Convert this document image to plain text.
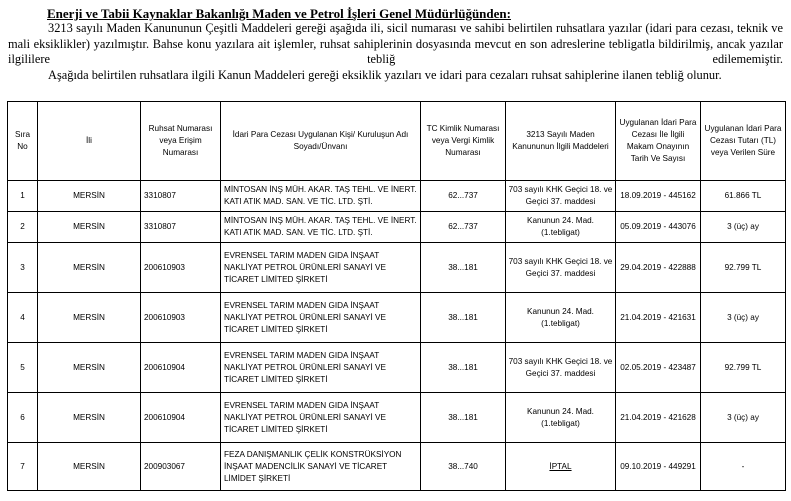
Enerji ve Tabii Kaynaklar Bakanlığı Maden ve Petrol İşleri Genel Müdürlüğünden:

3213 sayılı Maden Kanununun Çeşitli Maddeleri gereği aşağıda ili, sicil numarası ve sahibi belirtilen ruhsatlara yazılar (idari para cezası, teknik ve mali eksiklikler) yazılmıştır. Bahse konu yazılara ait işlemler, ruhsat sahiplerinin dosyasında mevcut en son adreslerine tebligatla bildirilmiş, ancak yazılar ilgililere tebliğ edilememiştir.

Aşağıda belirtilen ruhsatlara ilgili Kanun Maddeleri gereği eksiklik yazıları ve idari para cezaları ruhsat sahiplerine ilanen tebliğ olunur.

Sıra No	İli	Ruhsat Numarası veya Erişim Numarası	İdari Para Cezası Uygulanan Kişi/ Kuruluşun Adı Soyadı/Ünvanı	TC Kimlik Numarası veya Vergi Kimlik Numarası	3213 Sayılı Maden Kanununun İlgili Maddeleri	Uygulanan İdari Para Cezası İle İlgili Makam Onayının Tarih Ve Sayısı	Uygulanan İdari Para Cezası Tutarı (TL) veya Verilen Süre
1	MERSİN	3310807	MİNTOSAN İNŞ MÜH. AKAR. TAŞ TEHL. VE İNERT. KATI ATIK MAD. SAN. VE TİC. LTD. ŞTİ.	62...737	703 sayılı KHK Geçici 18. ve Geçici 37. maddesi	18.09.2019 - 445162	61.866 TL
2	MERSİN	3310807	MİNTOSAN İNŞ MÜH. AKAR. TAŞ TEHL. VE İNERT. KATI ATIK MAD. SAN. VE TİC. LTD. ŞTİ.	62...737	Kanunun 24. Mad. (1.tebligat)	05.09.2019 - 443076	3 (üç) ay
3	MERSİN	200610903	EVRENSEL TARIM MADEN GIDA İNŞAAT NAKLİYAT PETROL ÜRÜNLERİ SANAYİ VE TİCARET LİMİTED ŞİRKETİ	38...181	703 sayılı KHK Geçici 18. ve Geçici 37. maddesi	29.04.2019 - 422888	92.799 TL
4	MERSİN	200610903	EVRENSEL TARIM MADEN GIDA İNŞAAT NAKLİYAT PETROL ÜRÜNLERİ SANAYİ VE TİCARET LİMİTED ŞİRKETİ	38...181	Kanunun 24. Mad. (1.tebligat)	21.04.2019 - 421631	3 (üç) ay
5	MERSİN	200610904	EVRENSEL TARIM MADEN GIDA İNŞAAT NAKLİYAT PETROL ÜRÜNLERİ SANAYİ VE TİCARET LİMİTED ŞİRKETİ	38...181	703 sayılı KHK Geçici 18. ve Geçici 37. maddesi	02.05.2019 - 423487	92.799 TL
6	MERSİN	200610904	EVRENSEL TARIM MADEN GIDA İNŞAAT NAKLİYAT PETROL ÜRÜNLERİ SANAYİ VE TİCARET LİMİTED ŞİRKETİ	38...181	Kanunun 24. Mad. (1.tebligat)	21.04.2019 - 421628	3 (üç) ay
7	MERSİN	200903067	FEZA DANIŞMANLIK ÇELİK KONSTRÜKSİYON İNŞAAT MADENCİLİK SANAYİ VE TİCARET LİMİDET ŞİRKETİ	38...740	İPTAL	09.10.2019 - 449291	-
